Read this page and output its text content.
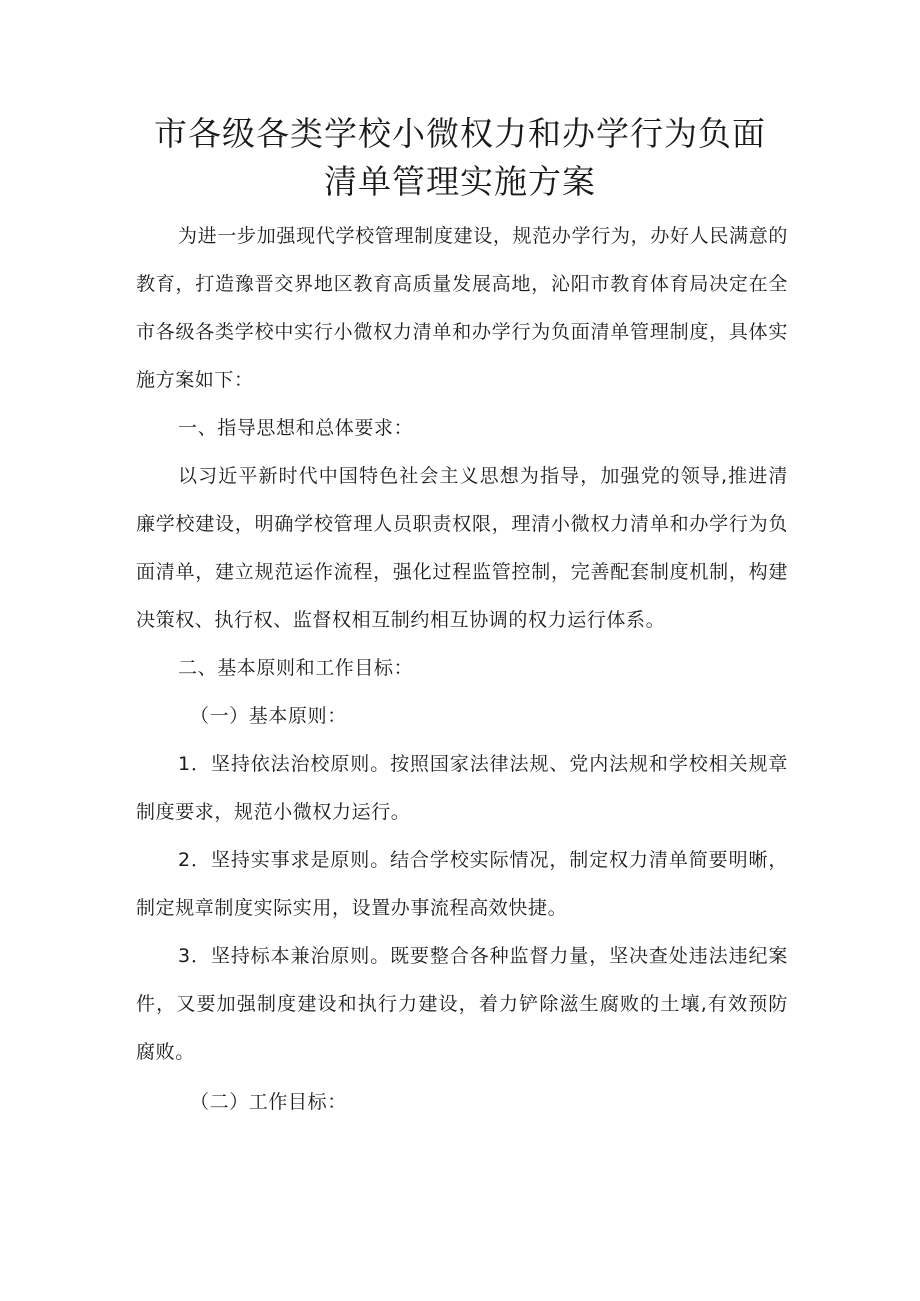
市各级各类学校小微权力和办学行为负面
清单管理实施方案

为进一步加强现代学校管理制度建设，规范办学行为，办好人民满意的教育，打造豫晋交界地区教育高质量发展高地，沁阳市教育体育局决定在全市各级各类学校中实行小微权力清单和办学行为负面清单管理制度，具体实施方案如下：

一、指导思想和总体要求：

以习近平新时代中国特色社会主义思想为指导，加强党的领导,推进清廉学校建设，明确学校管理人员职责权限，理清小微权力清单和办学行为负面清单，建立规范运作流程，强化过程监管控制，完善配套制度机制，构建决策权、执行权、监督权相互制约相互协调的权力运行体系。

二、基本原则和工作目标：

（一）基本原则：

1．坚持依法治校原则。按照国家法律法规、党内法规和学校相关规章制度要求，规范小微权力运行。

2．坚持实事求是原则。结合学校实际情况，制定权力清单简要明晰，制定规章制度实际实用，设置办事流程高效快捷。

3．坚持标本兼治原则。既要整合各种监督力量，坚决查处违法违纪案件，又要加强制度建设和执行力建设，着力铲除滋生腐败的土壤,有效预防腐败。

（二）工作目标：
